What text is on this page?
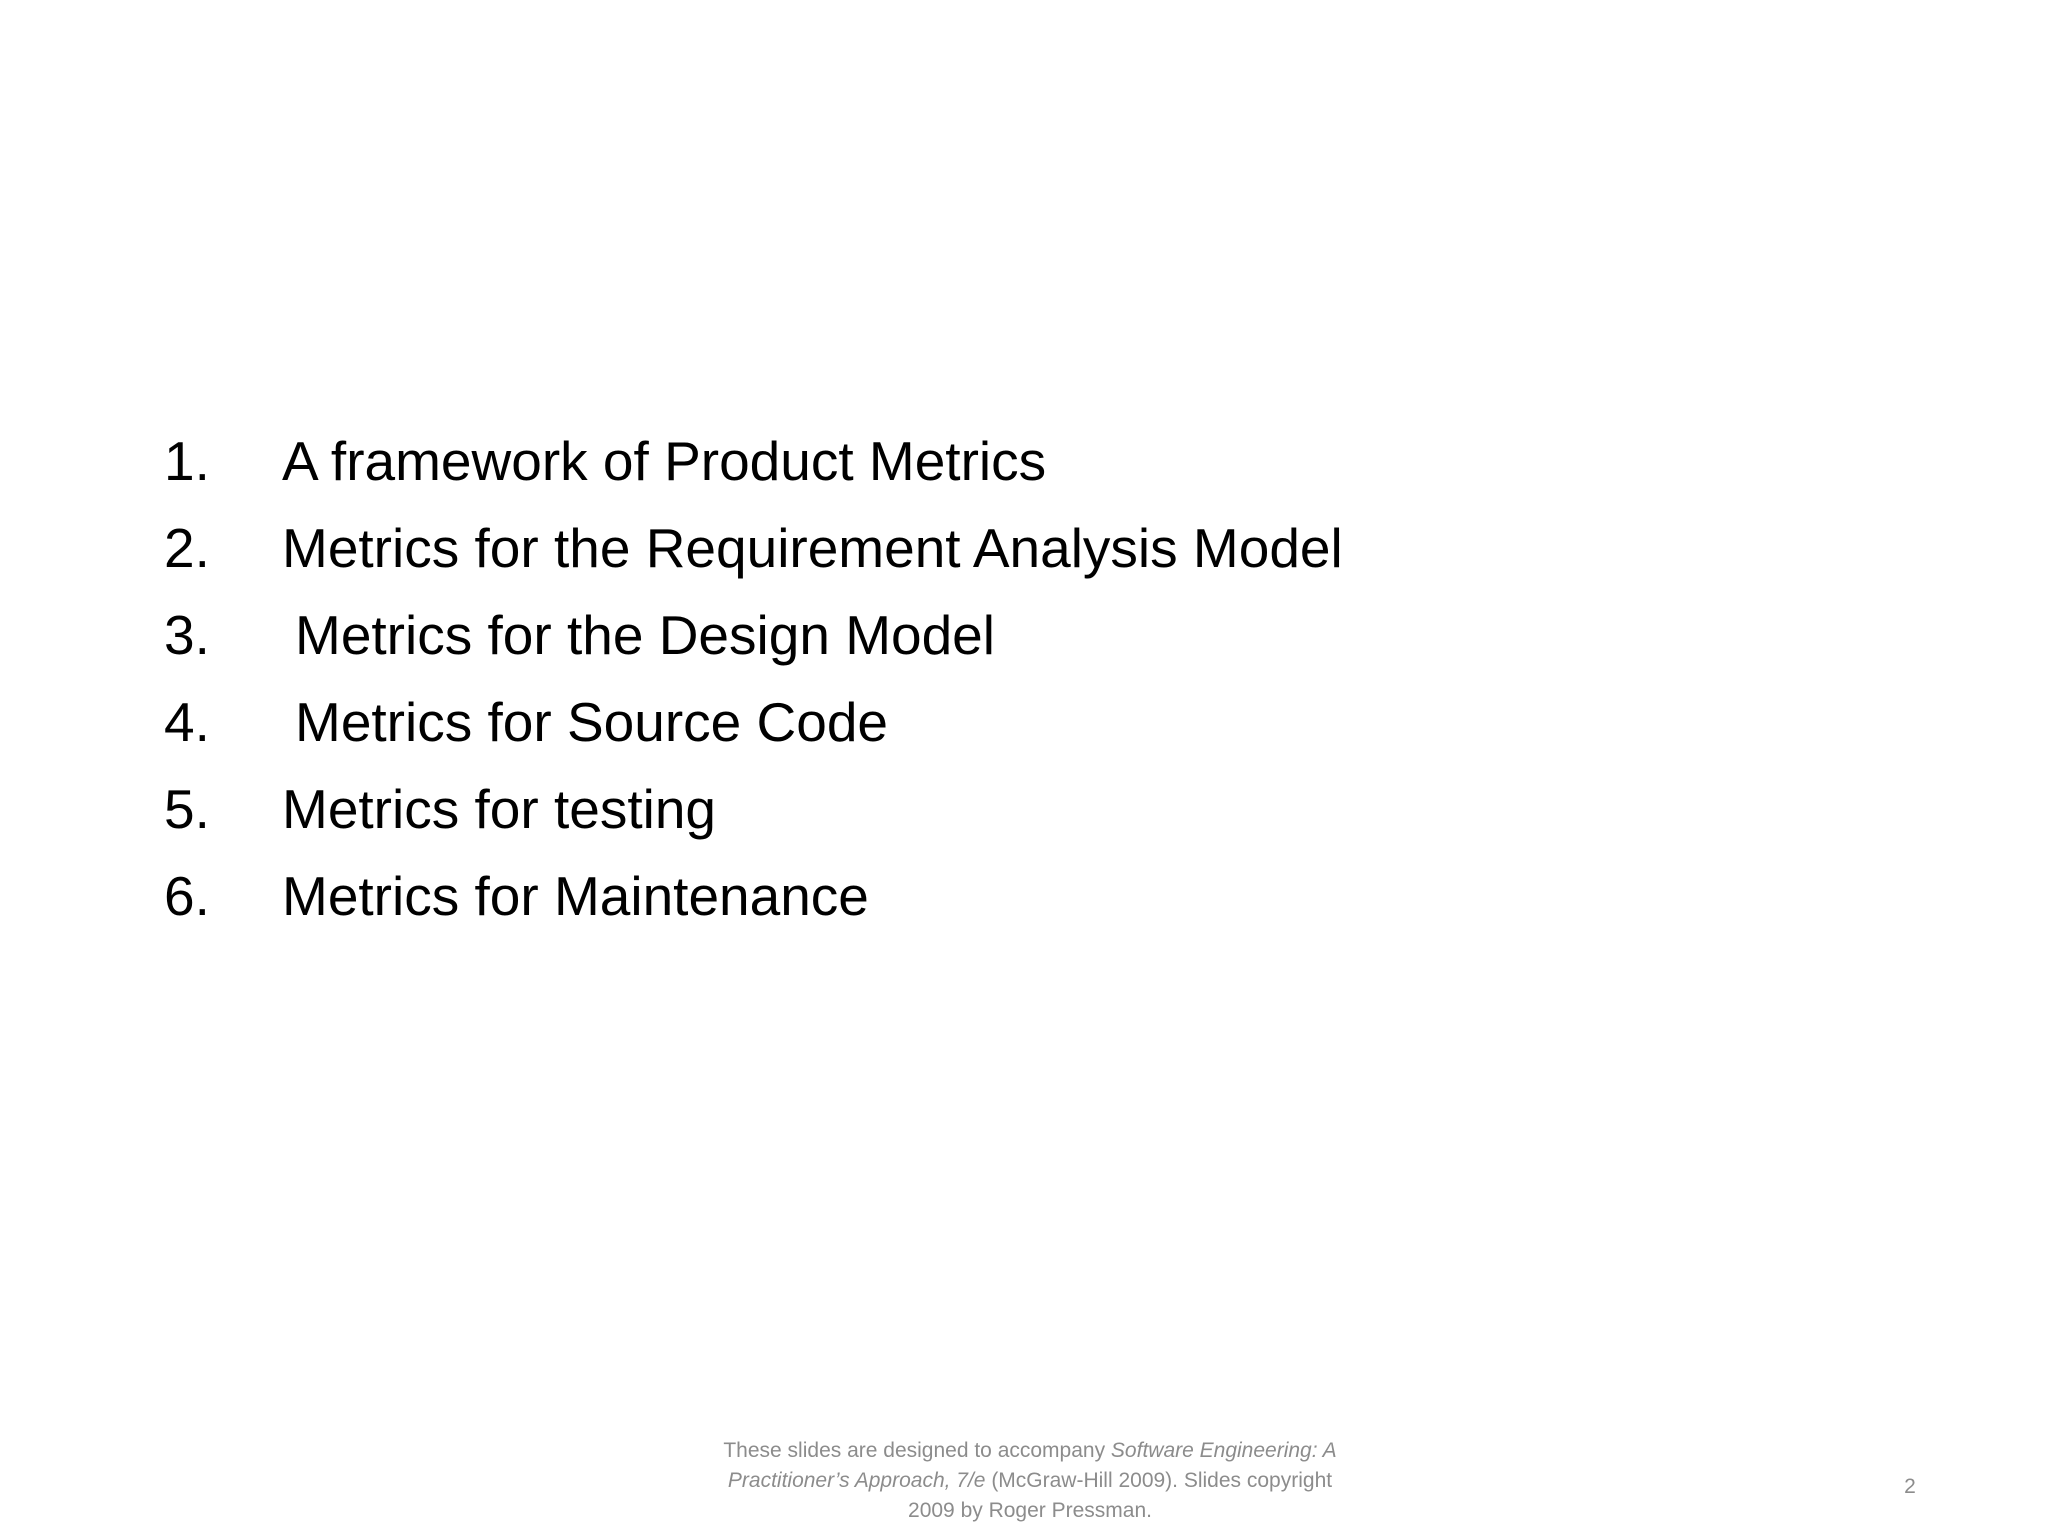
1. A framework of Product Metrics
2. Metrics for the Requirement Analysis Model
3. Metrics for the Design Model
4. Metrics for Source Code
5. Metrics for testing
6. Metrics for Maintenance
These slides are designed to accompany Software Engineering: A Practitioner’s Approach, 7/e (McGraw-Hill 2009). Slides copyright 2009 by Roger Pressman.
2
